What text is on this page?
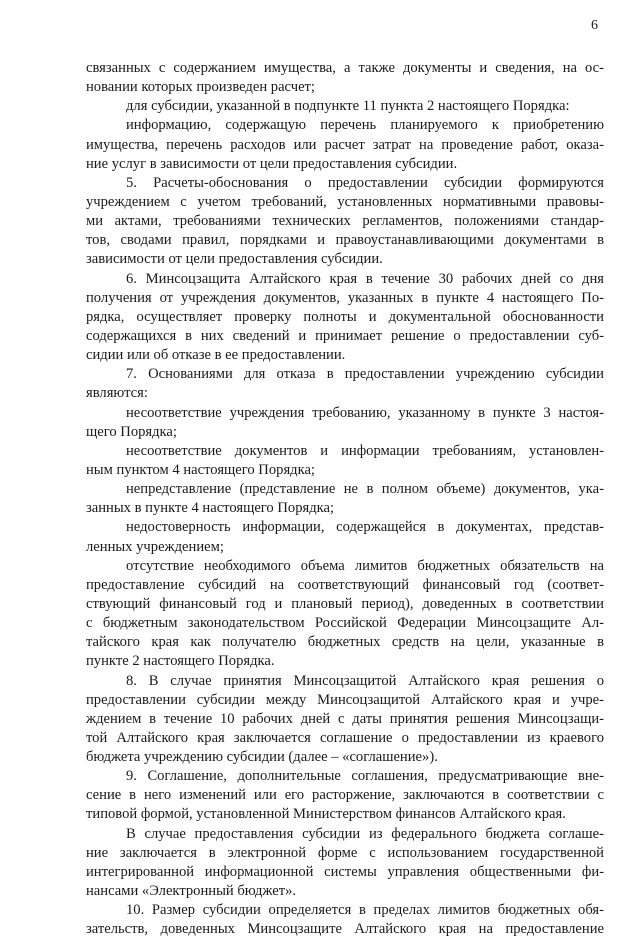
6
связанных с содержанием имущества, а также документы и сведения, на ос-
новании которых произведен расчет;
для субсидии, указанной в подпункте 11 пункта 2 настоящего Порядка:
информацию, содержащую перечень планируемого к приобретению
имущества, перечень расходов или расчет затрат на проведение работ, оказа-
ние услуг в зависимости от цели предоставления субсидии.
5. Расчеты-обоснования о предоставлении субсидии формируются
учреждением с учетом требований, установленных нормативными правовы-
ми актами, требованиями технических регламентов, положениями стандар-
тов, сводами правил, порядками и правоустанавливающими документами в
зависимости от цели предоставления субсидии.
6. Минсоцзащита Алтайского края в течение 30 рабочих дней со дня
получения от учреждения документов, указанных в пункте 4 настоящего По-
рядка, осуществляет проверку полноты и документальной обоснованности
содержащихся в них сведений и принимает решение о предоставлении суб-
сидии или об отказе в ее предоставлении.
7. Основаниями для отказа в предоставлении учреждению субсидии
являются:
несоответствие учреждения требованию, указанному в пункте 3 настоя-
щего Порядка;
несоответствие документов и информации требованиям, установлен-
ным пунктом 4 настоящего Порядка;
непредставление (представление не в полном объеме) документов, ука-
занных в пункте 4 настоящего Порядка;
недостоверность информации, содержащейся в документах, представ-
ленных учреждением;
отсутствие необходимого объема лимитов бюджетных обязательств на
предоставление субсидий на соответствующий финансовый год (соответ-
ствующий финансовый год и плановый период), доведенных в соответствии
с бюджетным законодательством Российской Федерации Минсоцзащите Ал-
тайского края как получателю бюджетных средств на цели, указанные в
пункте 2 настоящего Порядка.
8. В случае принятия Минсоцзащитой Алтайского края решения о
предоставлении субсидии между Минсоцзащитой Алтайского края и учре-
ждением в течение 10 рабочих дней с даты принятия решения Минсоцзащи-
той Алтайского края заключается соглашение о предоставлении из краевого
бюджета учреждению субсидии (далее – «соглашение»).
9. Соглашение, дополнительные соглашения, предусматривающие вне-
сение в него изменений или его расторжение, заключаются в соответствии с
типовой формой, установленной Министерством финансов Алтайского края.
В случае предоставления субсидии из федерального бюджета соглаше-
ние заключается в электронной форме с использованием государственной
интегрированной информационной системы управления общественными фи-
нансами «Электронный бюджет».
10. Размер субсидии определяется в пределах лимитов бюджетных обя-
зательств, доведенных Минсоцзащите Алтайского края на предоставление
